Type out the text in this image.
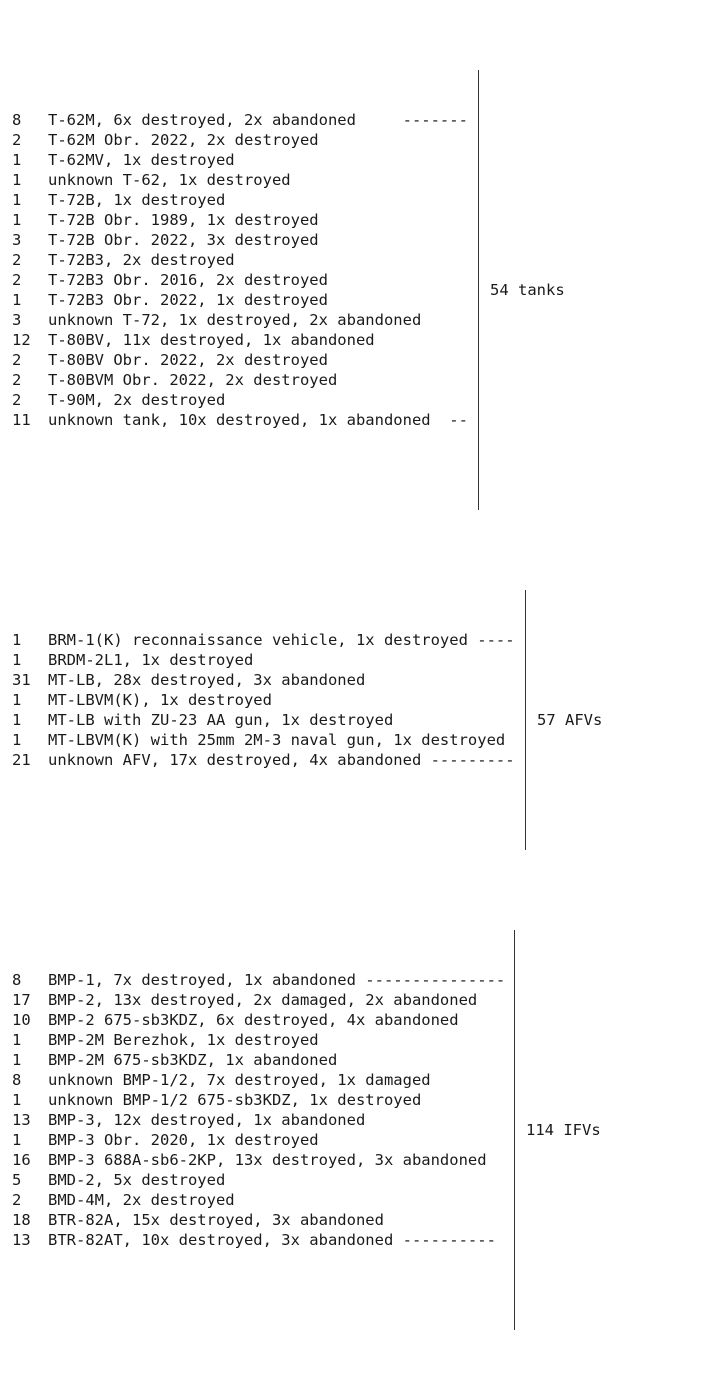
8	T-62M, 6x destroyed, 2x abandoned     -------
2	T-62M Obr. 2022, 2x destroyed
1	T-62MV, 1x destroyed
1	unknown T-62, 1x destroyed
1	T-72B, 1x destroyed
1	T-72B Obr. 1989, 1x destroyed
3	T-72B Obr. 2022, 3x destroyed
2	T-72B3, 2x destroyed
2	T-72B3 Obr. 2016, 2x destroyed
1	T-72B3 Obr. 2022, 1x destroyed
3	unknown T-72, 1x destroyed, 2x abandoned
12	T-80BV, 11x destroyed, 1x abandoned
2	T-80BV Obr. 2022, 2x destroyed
2	T-80BVM Obr. 2022, 2x destroyed
2	T-90M, 2x destroyed
11	unknown tank, 10x destroyed, 1x abandoned  --

54 tanks

1	BRM-1(K) reconnaissance vehicle, 1x destroyed ----
1	BRDM-2L1, 1x destroyed
31	MT-LB, 28x destroyed, 3x abandoned
1	MT-LBVM(K), 1x destroyed
1	MT-LB with ZU-23 AA gun, 1x destroyed
1	MT-LBVM(K) with 25mm 2M-3 naval gun, 1x destroyed
21	unknown AFV, 17x destroyed, 4x abandoned ---------

57 AFVs

8	BMP-1, 7x destroyed, 1x abandoned ---------------
17	BMP-2, 13x destroyed, 2x damaged, 2x abandoned
10	BMP-2 675-sb3KDZ, 6x destroyed, 4x abandoned
1	BMP-2M Berezhok, 1x destroyed
1	BMP-2M 675-sb3KDZ, 1x abandoned
8	unknown BMP-1/2, 7x destroyed, 1x damaged
1	unknown BMP-1/2 675-sb3KDZ, 1x destroyed
13	BMP-3, 12x destroyed, 1x abandoned
1	BMP-3 Obr. 2020, 1x destroyed
16	BMP-3 688A-sb6-2KP, 13x destroyed, 3x abandoned
5	BMD-2, 5x destroyed
2	BMD-4M, 2x destroyed
18	BTR-82A, 15x destroyed, 3x abandoned
13	BTR-82AT, 10x destroyed, 3x abandoned ----------

114 IFVs
